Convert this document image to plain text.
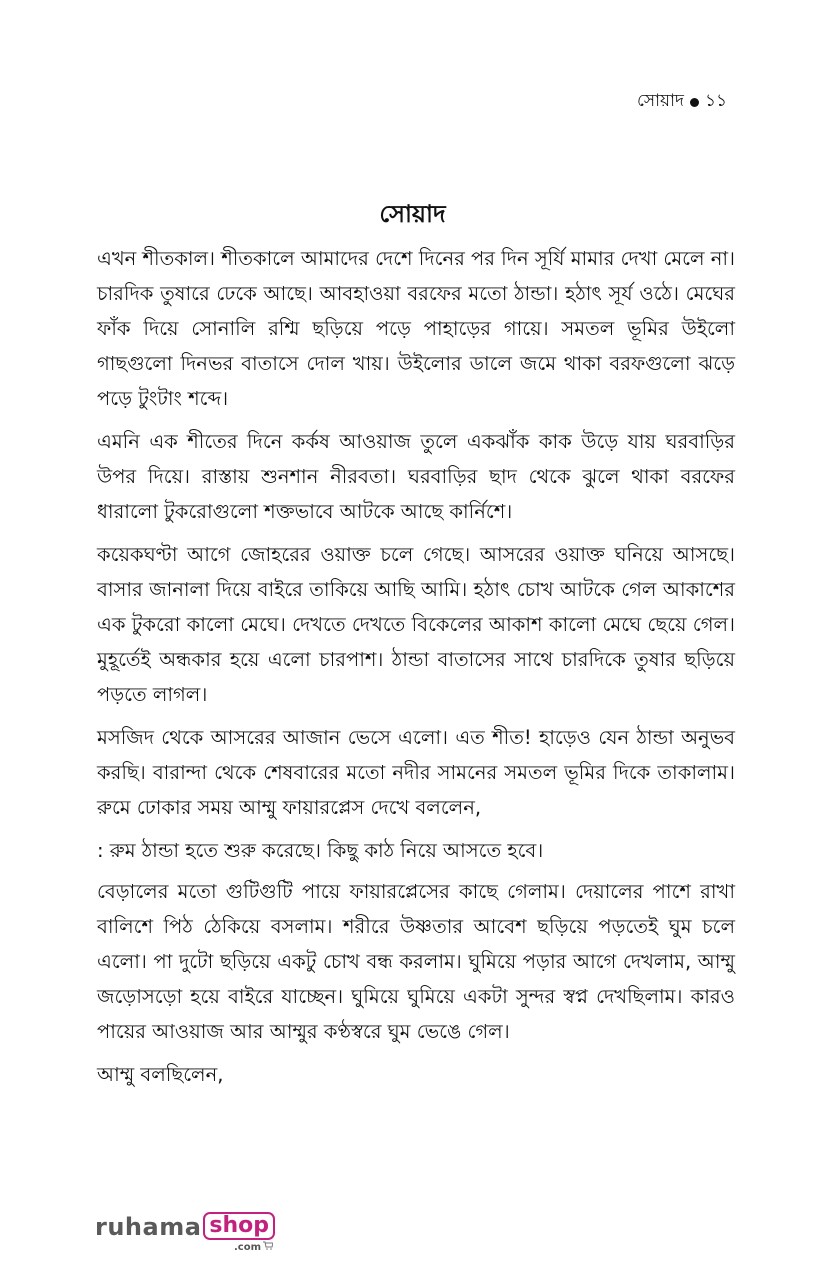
সোয়াদ ১১
সোয়াদ

এখন শীতকাল। শীতকালে আমাদের দেশে দিনের পর দিন সূর্যি মামার দেখা মেলে না। চারদিক তুষারে ঢেকে আছে। আবহাওয়া বরফের মতো ঠান্ডা। হঠাৎ সূর্য ওঠে। মেঘের ফাঁক দিয়ে সোনালি রশ্মি ছড়িয়ে পড়ে পাহাড়ের গায়ে। সমতল ভূমির উইলো গাছগুলো দিনভর বাতাসে দোল খায়। উইলোর ডালে জমে থাকা বরফগুলো ঝড়ে পড়ে টুংটাং শব্দে।

এমনি এক শীতের দিনে কর্কষ আওয়াজ তুলে একঝাঁক কাক উড়ে যায় ঘরবাড়ির উপর দিয়ে। রাস্তায় শুনশান নীরবতা। ঘরবাড়ির ছাদ থেকে ঝুলে থাকা বরফের ধারালো টুকরোগুলো শক্তভাবে আটকে আছে কার্নিশে।

কয়েকঘণ্টা আগে জোহরের ওয়াক্ত চলে গেছে। আসরের ওয়াক্ত ঘনিয়ে আসছে। বাসার জানালা দিয়ে বাইরে তাকিয়ে আছি আমি। হঠাৎ চোখ আটকে গেল আকাশের এক টুকরো কালো মেঘে। দেখতে দেখতে বিকেলের আকাশ কালো মেঘে ছেয়ে গেল। মুহূর্তেই অন্ধকার হয়ে এলো চারপাশ। ঠান্ডা বাতাসের সাথে চারদিকে তুষার ছড়িয়ে পড়তে লাগল।

মসজিদ থেকে আসরের আজান ভেসে এলো। এত শীত! হাড়েও যেন ঠান্ডা অনুভব করছি। বারান্দা থেকে শেষবারের মতো নদীর সামনের সমতল ভূমির দিকে তাকালাম। রুমে ঢোকার সময় আম্মু ফায়ারপ্লেস দেখে বললেন,

: রুম ঠান্ডা হতে শুরু করেছে। কিছু কাঠ নিয়ে আসতে হবে।

বেড়ালের মতো গুটিগুটি পায়ে ফায়ারপ্লেসের কাছে গেলাম। দেয়ালের পাশে রাখা বালিশে পিঠ ঠেকিয়ে বসলাম। শরীরে উষ্ণতার আবেশ ছড়িয়ে পড়তেই ঘুম চলে এলো। পা দুটো ছড়িয়ে একটু চোখ বন্ধ করলাম। ঘুমিয়ে পড়ার আগে দেখলাম, আম্মু জড়োসড়ো হয়ে বাইরে যাচ্ছেন। ঘুমিয়ে ঘুমিয়ে একটা সুন্দর স্বপ্ন দেখছিলাম। কারও পায়ের আওয়াজ আর আম্মুর কণ্ঠস্বরে ঘুম ভেঙে গেল।

আম্মু বলছিলেন,

ruhama shop
.com
